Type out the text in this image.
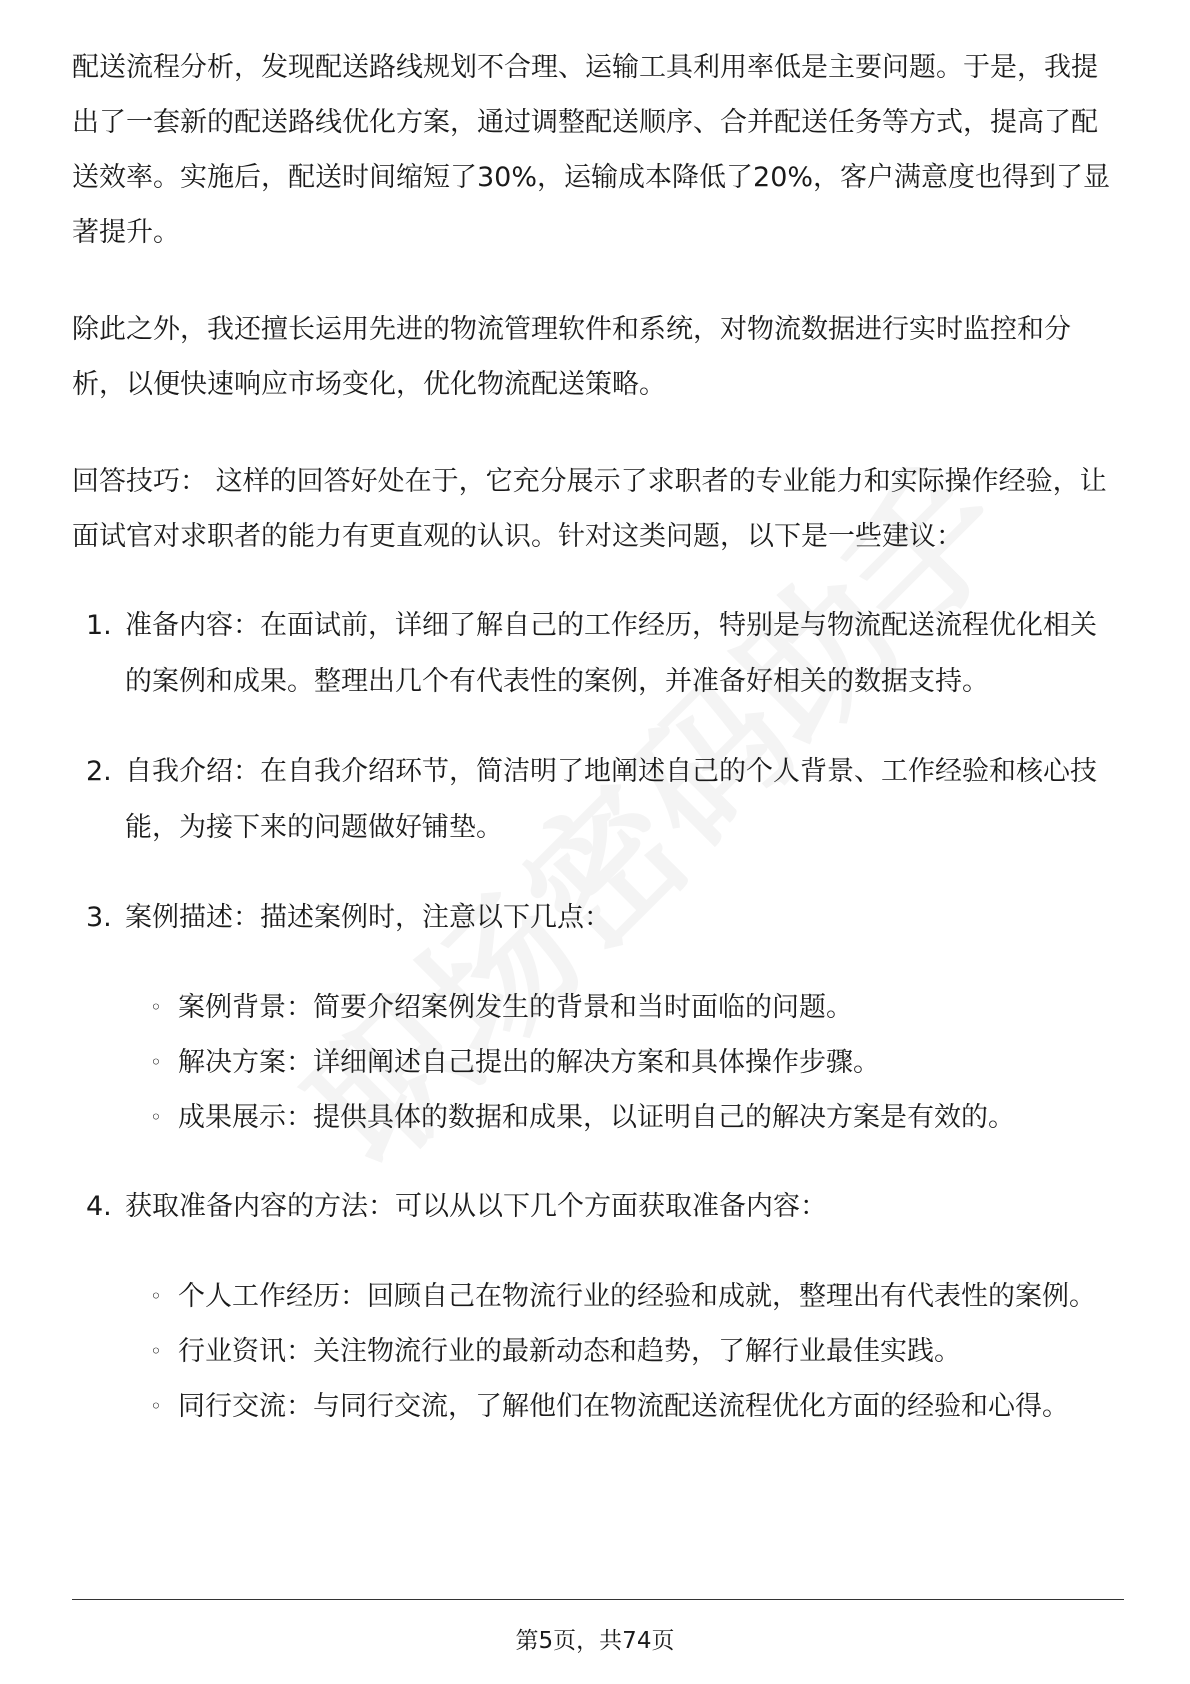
配送流程分析，发现配送路线规划不合理、运输工具利用率低是主要问题。于是，我提出了一套新的配送路线优化方案，通过调整配送顺序、合并配送任务等方式，提高了配送效率。实施后，配送时间缩短了30%，运输成本降低了20%，客户满意度也得到了显著提升。

除此之外，我还擅长运用先进的物流管理软件和系统，对物流数据进行实时监控和分析，以便快速响应市场变化，优化物流配送策略。

回答技巧： 这样的回答好处在于，它充分展示了求职者的专业能力和实际操作经验，让面试官对求职者的能力有更直观的认识。针对这类问题，以下是一些建议：

1. 准备内容：在面试前，详细了解自己的工作经历，特别是与物流配送流程优化相关的案例和成果。整理出几个有代表性的案例，并准备好相关的数据支持。
2. 自我介绍：在自我介绍环节，简洁明了地阐述自己的个人背景、工作经验和核心技能，为接下来的问题做好铺垫。
3. 案例描述：描述案例时，注意以下几点：
◦ 案例背景：简要介绍案例发生的背景和当时面临的问题。
◦ 解决方案：详细阐述自己提出的解决方案和具体操作步骤。
◦ 成果展示：提供具体的数据和成果，以证明自己的解决方案是有效的。
4. 获取准备内容的方法：可以从以下几个方面获取准备内容：
◦ 个人工作经历：回顾自己在物流行业的经验和成就，整理出有代表性的案例。
◦ 行业资讯：关注物流行业的最新动态和趋势，了解行业最佳实践。
◦ 同行交流：与同行交流，了解他们在物流配送流程优化方面的经验和心得。
第5页，共74页
